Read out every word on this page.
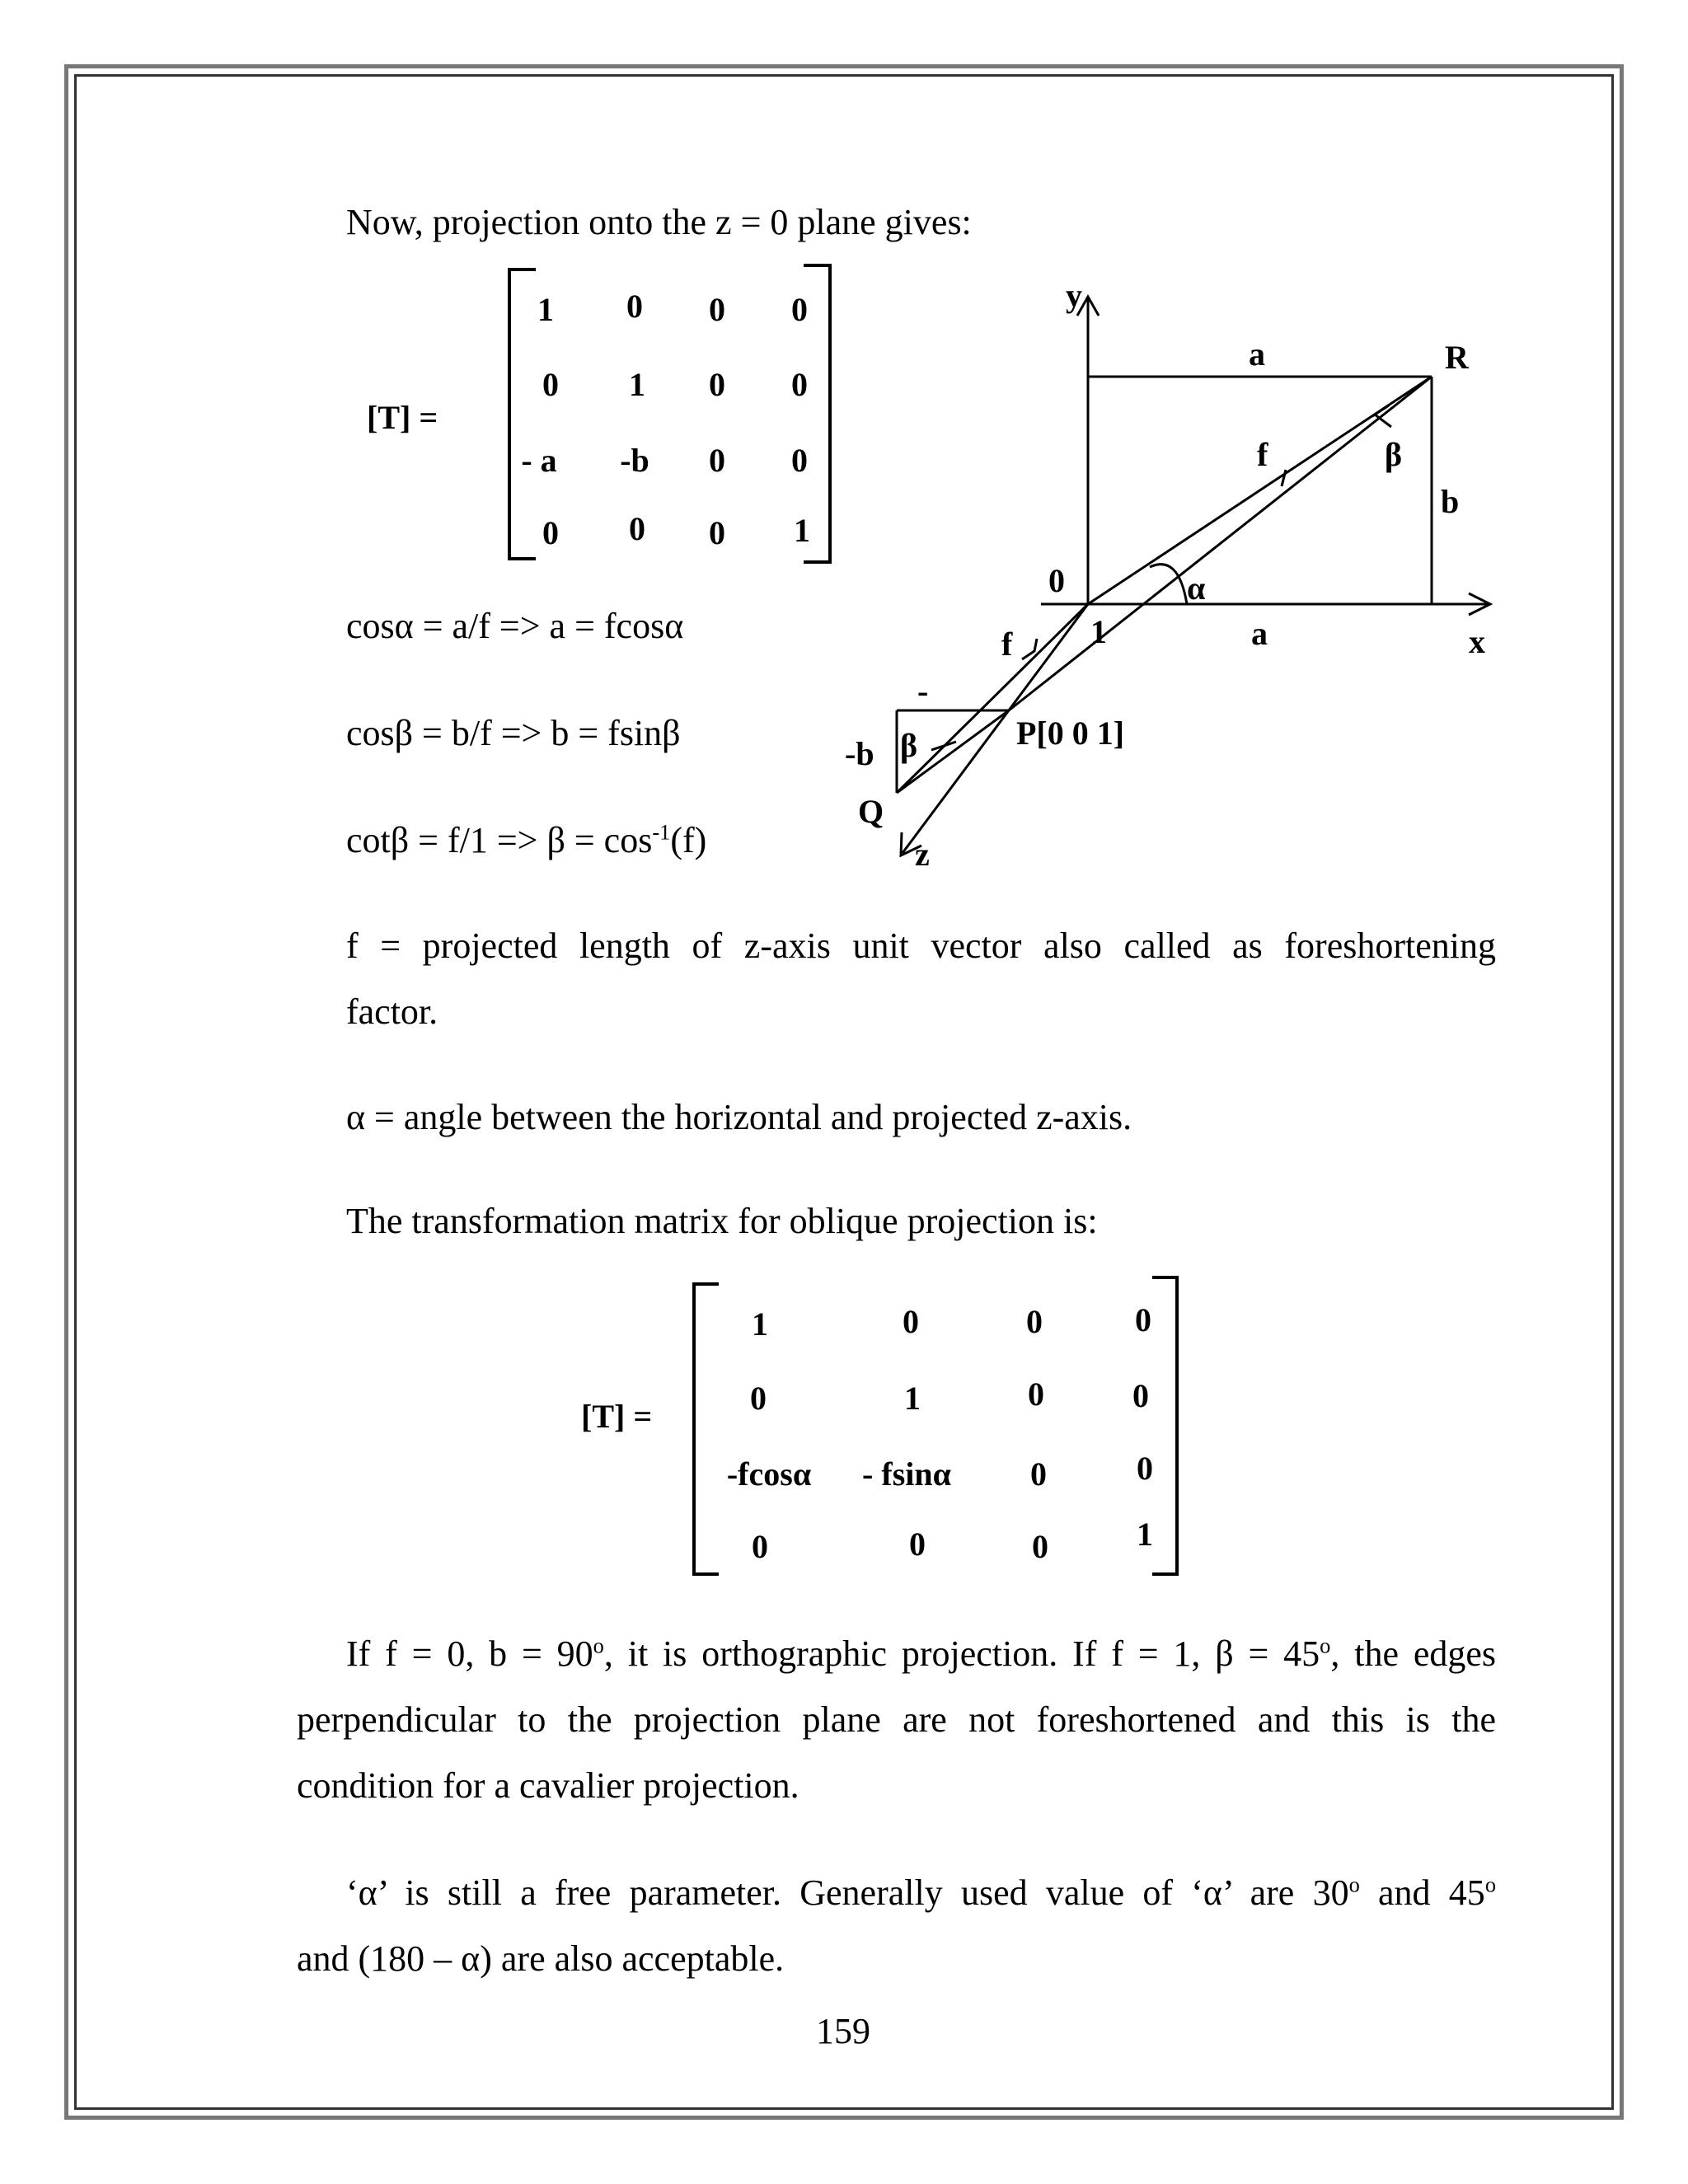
Now, projection onto the z = 0 plane gives:
[T] =
1 0 0 0
0 1 0 0
- a -b 0 0
0 0 0 1
cosα = a/f => a = fcosα
cosβ = b/f => b = fsinβ
$\cot\beta = f/1 => \beta = \cos^{-1}(f)$
y
x
z
a
a
R
b
f	β
0	α
1
f
-
P[0 0 1]
-b β
Q
f = projected length of z-axis unit vector also called as foreshortening
factor.
α = angle between the horizontal and projected z-axis.
The transformation matrix for oblique projection is:
[T] =
1	0	0	0
0	1	0	0
-fcosα - fsinα 0	0
0	0	0	1
If f = 0, $b = 90^o$, it is orthographic projection. If f = 1, $\beta = 45^o$, the edges
perpendicular to the projection plane are not foreshortened and this is the
condition for a cavalier projection.
‘α’ is still a free parameter. Generally used value of ‘α’ are 30$^o$ and 45$^o$
and (180 – α) are also acceptable.
159
